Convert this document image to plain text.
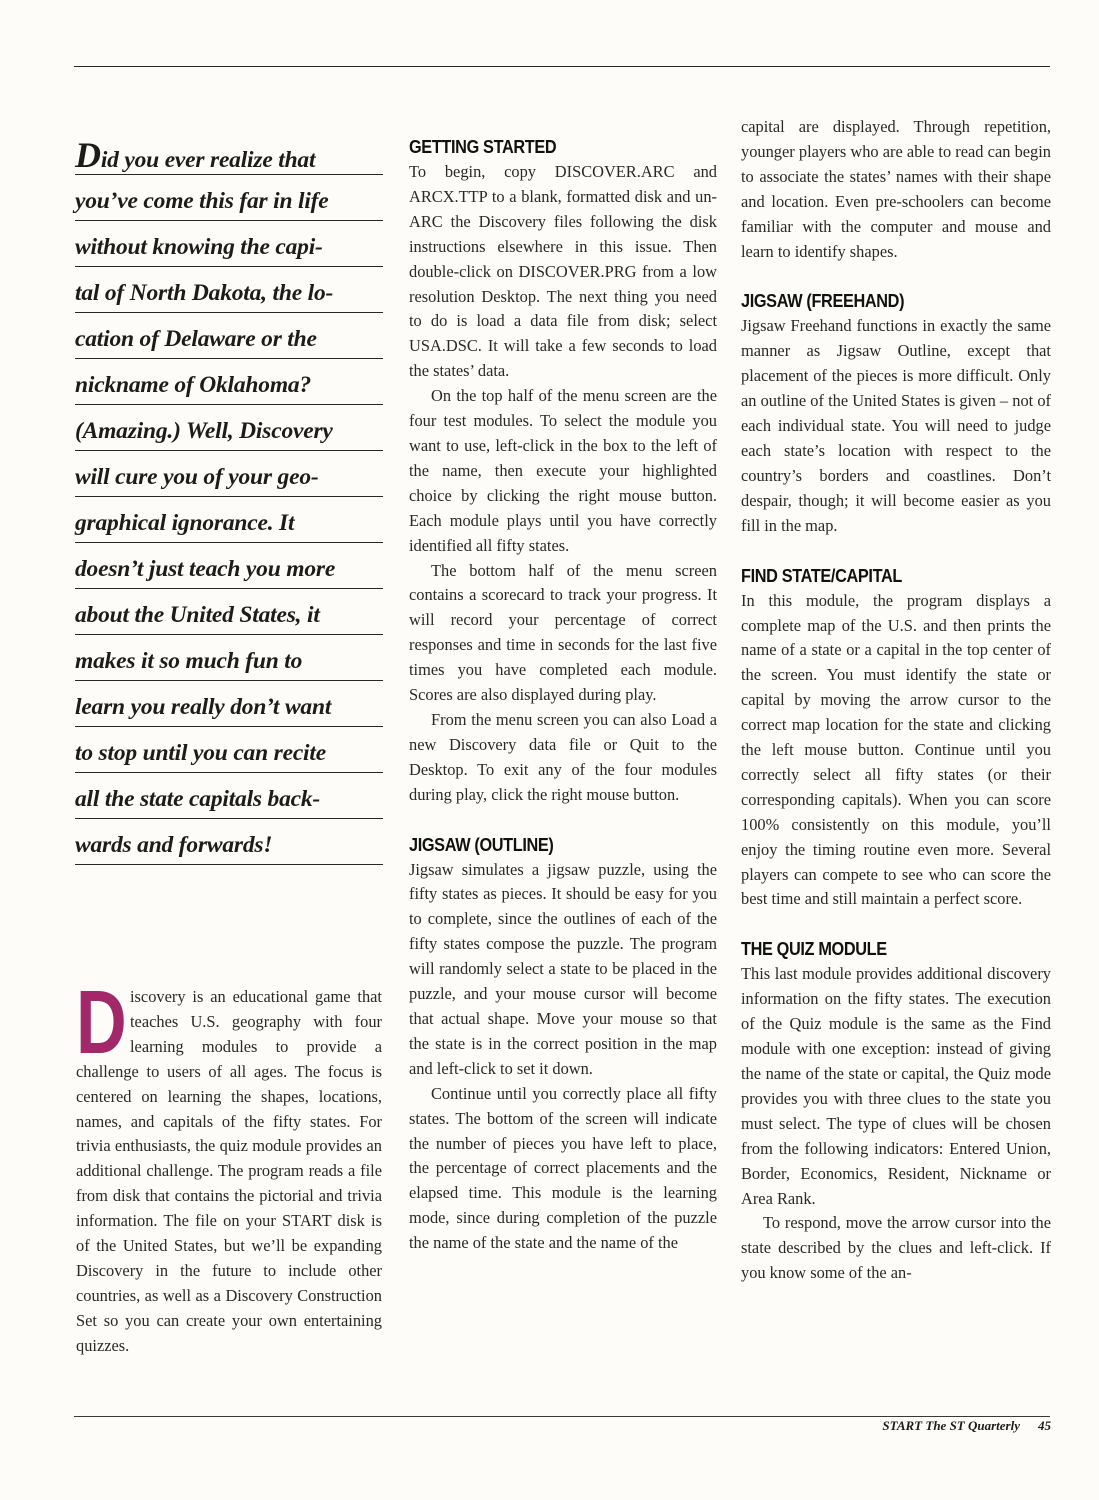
Did you ever realize that
you’ve come this far in life
without knowing the capi-
tal of North Dakota, the lo-
cation of Delaware or the
nickname of Oklahoma?
(Amazing.) Well, Discovery
will cure you of your geo-
graphical ignorance. It
doesn’t just teach you more
about the United States, it
makes it so much fun to
learn you really don’t want
to stop until you can recite
all the state capitals back-
wards and forwards!

Discovery is an educational game that teaches U.S. geography with four learning modules to provide a challenge to users of all ages. The focus is centered on learning the shapes, locations, names, and capitals of the fifty states. For trivia enthusiasts, the quiz module provides an additional challenge. The program reads a file from disk that contains the pictorial and trivia information. The file on your START disk is of the United States, but we’ll be expanding Discovery in the future to include other countries, as well as a Discovery Construction Set so you can create your own entertaining quizzes.

GETTING STARTED

To begin, copy DISCOVER.ARC and ARCX.TTP to a blank, formatted disk and un-ARC the Discovery files following the disk instructions elsewhere in this issue. Then double-click on DISCOVER.PRG from a low resolution Desktop. The next thing you need to do is load a data file from disk; select USA.DSC. It will take a few seconds to load the states’ data.

On the top half of the menu screen are the four test modules. To select the module you want to use, left-click in the box to the left of the name, then execute your highlighted choice by clicking the right mouse button. Each module plays until you have correctly identified all fifty states.

The bottom half of the menu screen contains a scorecard to track your progress. It will record your percentage of correct responses and time in seconds for the last five times you have completed each module. Scores are also displayed during play.

From the menu screen you can also Load a new Discovery data file or Quit to the Desktop. To exit any of the four modules during play, click the right mouse button.

JIGSAW (OUTLINE)

Jigsaw simulates a jigsaw puzzle, using the fifty states as pieces. It should be easy for you to complete, since the outlines of each of the fifty states compose the puzzle. The program will randomly select a state to be placed in the puzzle, and your mouse cursor will become that actual shape. Move your mouse so that the state is in the correct position in the map and left-click to set it down.

Continue until you correctly place all fifty states. The bottom of the screen will indicate the number of pieces you have left to place, the percentage of correct placements and the elapsed time. This module is the learning mode, since during completion of the puzzle the name of the state and the name of the

capital are displayed. Through repetition, younger players who are able to read can begin to associate the states’ names with their shape and location. Even pre-schoolers can become familiar with the computer and mouse and learn to identify shapes.

JIGSAW (FREEHAND)

Jigsaw Freehand functions in exactly the same manner as Jigsaw Outline, except that placement of the pieces is more difficult. Only an outline of the United States is given – not of each individual state. You will need to judge each state’s location with respect to the country’s borders and coastlines. Don’t despair, though; it will become easier as you fill in the map.

FIND STATE/CAPITAL

In this module, the program displays a complete map of the U.S. and then prints the name of a state or a capital in the top center of the screen. You must identify the state or capital by moving the arrow cursor to the correct map location for the state and clicking the left mouse button. Continue until you correctly select all fifty states (or their corresponding capitals). When you can score 100% consistently on this module, you’ll enjoy the timing routine even more. Several players can compete to see who can score the best time and still maintain a perfect score.

THE QUIZ MODULE

This last module provides additional discovery information on the fifty states. The execution of the Quiz module is the same as the Find module with one exception: instead of giving the name of the state or capital, the Quiz mode provides you with three clues to the state you must select. The type of clues will be chosen from the following indicators: Entered Union, Border, Economics, Resident, Nickname or Area Rank.

To respond, move the arrow cursor into the state described by the clues and left-click. If you know some of the an-

START The ST Quarterly 45
